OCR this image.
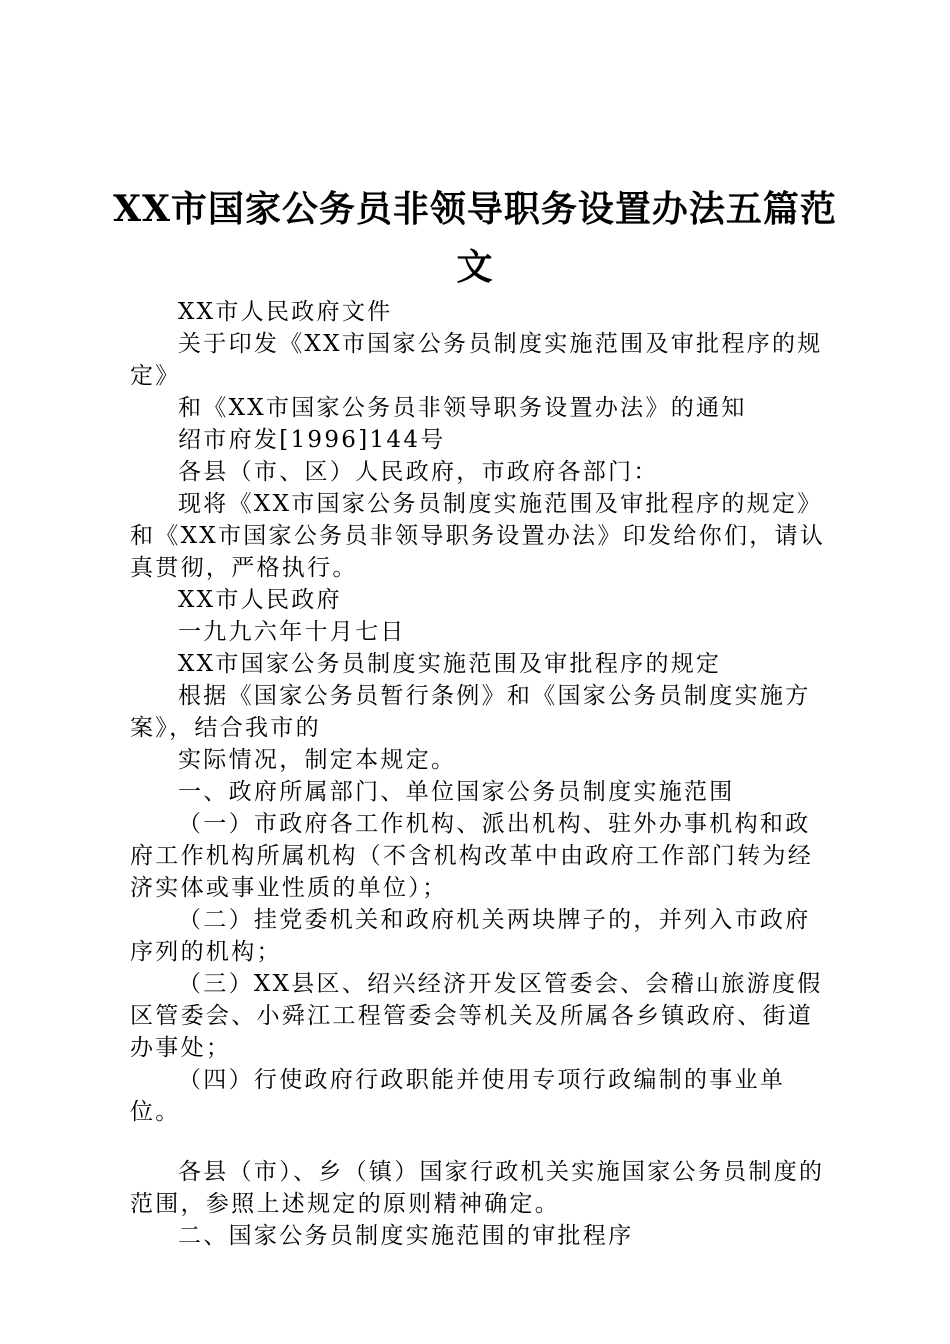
XX市国家公务员非领导职务设置办法五篇范文

XX市人民政府文件

关于印发《XX市国家公务员制度实施范围及审批程序的规定》

和《XX市国家公务员非领导职务设置办法》的通知

绍市府发[1996]144号

各县（市、区）人民政府，市政府各部门：

现将《XX市国家公务员制度实施范围及审批程序的规定》和《XX市国家公务员非领导职务设置办法》印发给你们，请认真贯彻，严格执行。

XX市人民政府

一九九六年十月七日

XX市国家公务员制度实施范围及审批程序的规定

根据《国家公务员暂行条例》和《国家公务员制度实施方案》，结合我市的

实际情况，制定本规定。

一、政府所属部门、单位国家公务员制度实施范围

（一）市政府各工作机构、派出机构、驻外办事机构和政府工作机构所属机构（不含机构改革中由政府工作部门转为经济实体或事业性质的单位）；

（二）挂党委机关和政府机关两块牌子的，并列入市政府序列的机构；

（三）XX县区、绍兴经济开发区管委会、会稽山旅游度假区管委会、小舜江工程管委会等机关及所属各乡镇政府、街道办事处；

（四）行使政府行政职能并使用专项行政编制的事业单位。

各县（市）、乡（镇）国家行政机关实施国家公务员制度的范围，参照上述规定的原则精神确定。

二、国家公务员制度实施范围的审批程序
